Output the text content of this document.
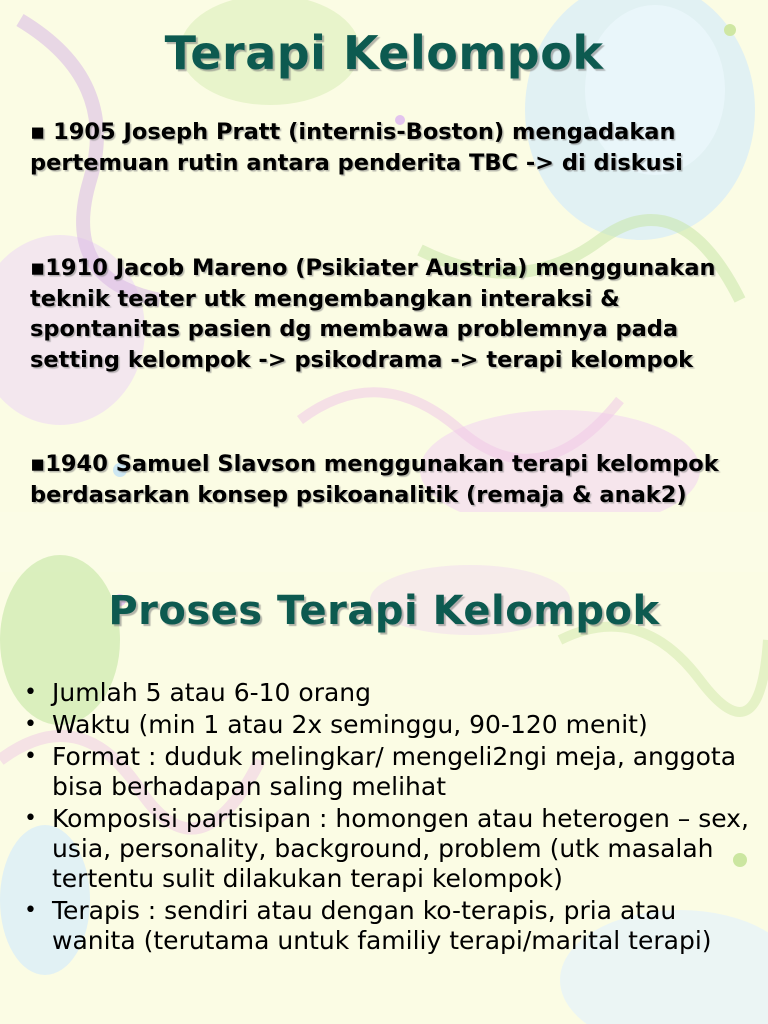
Terapi Kelompok

▪ 1905 Joseph Pratt (internis-Boston) mengadakan pertemuan rutin antara penderita TBC -> di diskusi

▪1910 Jacob Mareno (Psikiater Austria) menggunakan teknik teater utk mengembangkan interaksi & spontanitas pasien dg membawa problemnya pada setting kelompok -> psikodrama -> terapi kelompok

▪1940 Samuel Slavson menggunakan terapi kelompok berdasarkan konsep psikoanalitik (remaja & anak2)

Proses Terapi Kelompok
• Jumlah 5 atau 6-10 orang
• Waktu (min 1 atau 2x seminggu, 90-120 menit)
• Format : duduk melingkar/ mengeli2ngi meja, anggota bisa berhadapan saling melihat
• Komposisi partisipan : homongen atau heterogen – sex, usia, personality, background, problem (utk masalah tertentu sulit dilakukan terapi kelompok)
• Terapis : sendiri atau dengan ko-terapis, pria atau wanita (terutama untuk familiy terapi/marital terapi)
